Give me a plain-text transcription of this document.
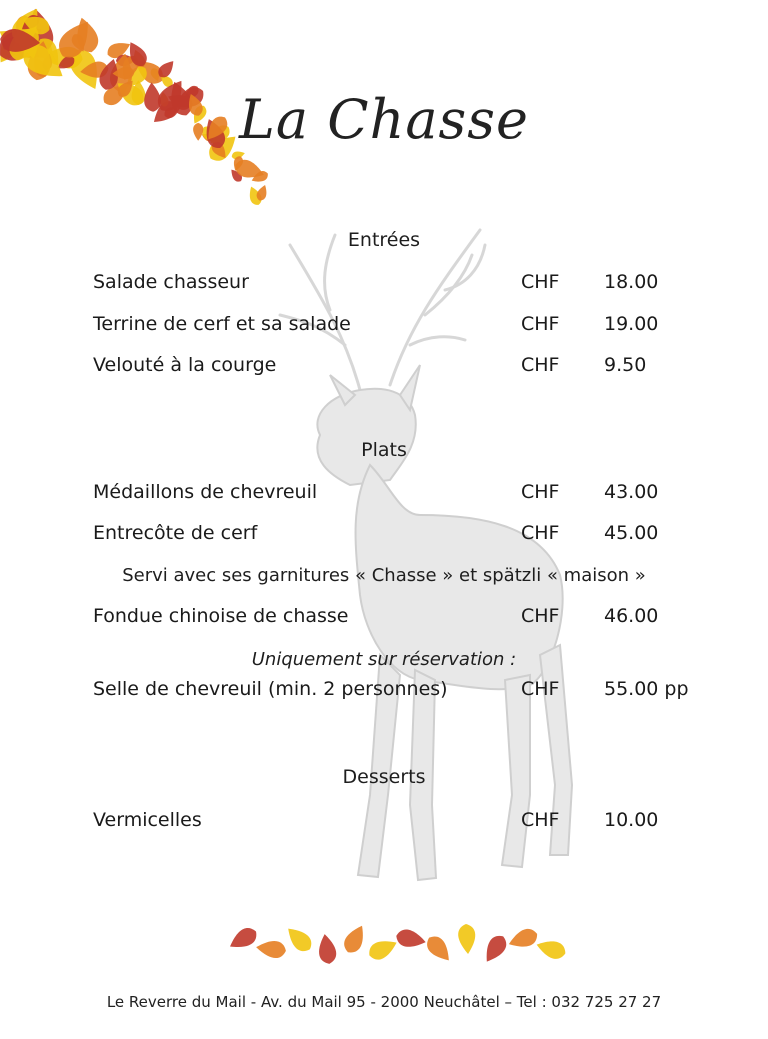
La Chasse
Entrées
Salade chasseur	CHF 18.00
Terrine de cerf et sa salade	CHF 19.00
Velouté à la courge	CHF 9.50
Plats
Médaillons de chevreuil	CHF 43.00
Entrecôte de cerf	CHF 45.00
Servi avec ses garnitures « Chasse » et spätzli « maison »
Fondue chinoise de chasse	CHF 46.00
Uniquement sur réservation :
Selle de chevreuil (min. 2 personnes)	CHF 55.00 pp
Desserts
Vermicelles	CHF 10.00
Le Reverre du Mail - Av. du Mail 95 - 2000 Neuchâtel – Tel : 032 725 27 27
